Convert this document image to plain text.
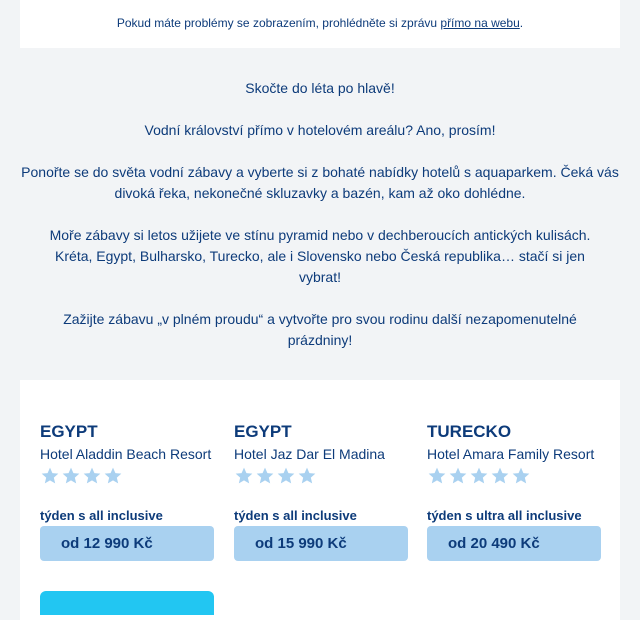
Pokud máte problémy se zobrazením, prohlédněte si zprávu přímo na webu.

Skočte do léta po hlavě!

Vodní království přímo v hotelovém areálu? Ano, prosím!

Ponořte se do světa vodní zábavy a vyberte si z bohaté nabídky hotelů s aquaparkem. Čeká vás divoká řeka, nekonečné skluzavky a bazén, kam až oko dohlédne.

Moře zábavy si letos užijete ve stínu pyramid nebo v dechberoucích antických kulisách. Kréta, Egypt, Bulharsko, Turecko, ale i Slovensko nebo Česká republika… stačí si jen vybrat!

Zažijte zábavu „v plném proudu“ a vytvořte pro svou rodinu další nezapomenutelné prázdniny!

EGYPT
Hotel Aladdin Beach Resort
týden s all inclusive
od 12 990 Kč
EGYPT
Hotel Jaz Dar El Madina
týden s all inclusive
od 15 990 Kč
TURECKO
Hotel Amara Family Resort
týden s ultra all inclusive
od 20 490 Kč
